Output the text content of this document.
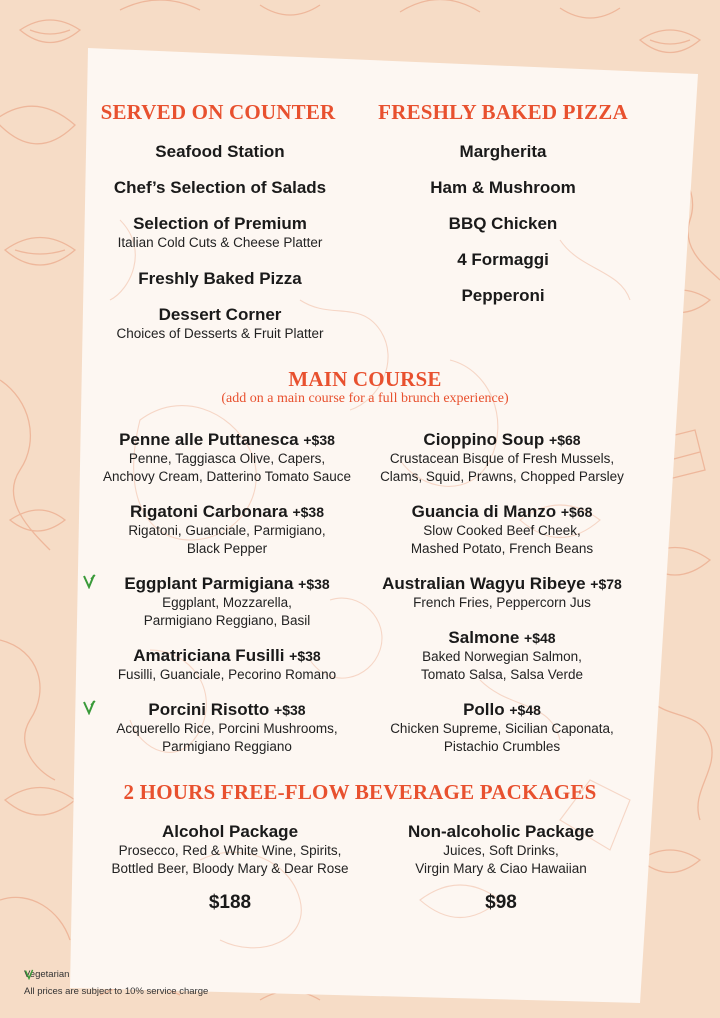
SERVED ON COUNTER
Seafood Station
Chef’s Selection of Salads
Selection of Premium
Italian Cold Cuts & Cheese Platter
Freshly Baked Pizza
Dessert Corner
Choices of Desserts & Fruit Platter
FRESHLY BAKED PIZZA
Margherita
Ham & Mushroom
BBQ Chicken
4 Formaggi
Pepperoni
MAIN COURSE
(add on a main course for a full brunch experience)
Penne alle Puttanesca +$38
Penne, Taggiasca Olive, Capers,
Anchovy Cream, Datterino Tomato Sauce
Rigatoni Carbonara +$38
Rigatoni, Guanciale, Parmigiano,
Black Pepper
Eggplant Parmigiana +$38
Eggplant, Mozzarella,
Parmigiano Reggiano, Basil
Amatriciana Fusilli +$38
Fusilli, Guanciale, Pecorino Romano
Porcini Risotto +$38
Acquerello Rice, Porcini Mushrooms,
Parmigiano Reggiano
Cioppino Soup +$68
Crustacean Bisque of Fresh Mussels,
Clams, Squid, Prawns, Chopped Parsley
Guancia di Manzo +$68
Slow Cooked Beef Cheek,
Mashed Potato, French Beans
Australian Wagyu Ribeye +$78
French Fries, Peppercorn Jus
Salmone +$48
Baked Norwegian Salmon,
Tomato Salsa, Salsa Verde
Pollo +$48
Chicken Supreme, Sicilian Caponata,
Pistachio Crumbles
2 HOURS FREE-FLOW BEVERAGE PACKAGES
Alcohol Package
Prosecco, Red & White Wine, Spirits,
Bottled Beer, Bloody Mary & Dear Rose
$188
Non-alcoholic Package
Juices, Soft Drinks,
Virgin Mary & Ciao Hawaiian
$98
Vegetarian
All prices are subject to 10% service charge
